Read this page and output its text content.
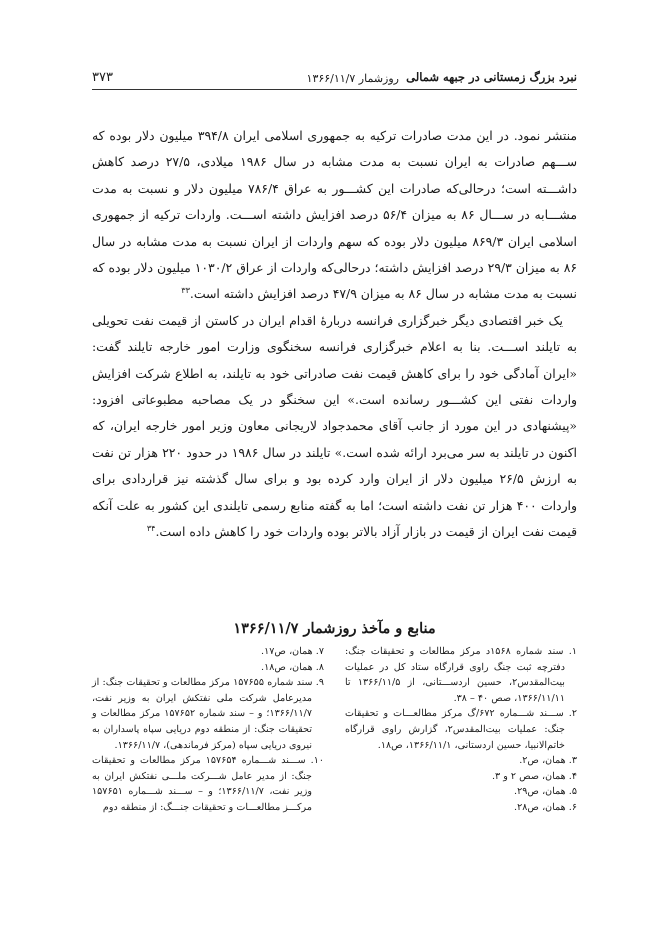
نبرد بزرگ زمستانی در جبهه شمالی
روزشمار ۱۳۶۶/۱۱/۷
۳۷۳

منتشر نمود. در این مدت صادرات ترکیه به جمهوری اسلامی ایران ۳۹۴/۸ میلیون دلار بوده که ســـهم صادرات به ایران نسبت به مدت مشابه در سال ۱۹۸۶ میلادی، ۲۷/۵ درصد کاهش داشـــته است؛ درحالی‌که صادرات این کشـــور به عراق ۷۸۶/۴ میلیون دلار و نسبت به مدت مشـــابه در ســـال ۸۶ به میزان ۵۶/۴ درصد افزایش داشته اســـت. واردات ترکیه از جمهوری اسلامی ایران ۸۶۹/۳ میلیون دلار بوده که سهم واردات از ایران نسبت به مدت مشابه در سال ۸۶ به میزان ۲۹/۳ درصد افزایش داشته؛ درحالی‌که واردات از عراق ۱۰۳۰/۲ میلیون دلار بوده که نسبت به مدت مشابه در سال ۸۶ به میزان ۴۷/۹ درصد افزایش داشته است.$^{۳۳}$

یک خبر اقتصادی دیگر خبرگزاری فرانسه دربارهٔ اقدام ایران در کاستن از قیمت نفت تحویلی به تایلند اســـت. بنا به اعلام خبرگزاری فرانسه سخنگوی وزارت امور خارجه تایلند گفت: «ایران آمادگی خود را برای کاهش قیمت نفت صادراتی خود به تایلند، به اطلاع شرکت افزایش واردات نفتی این کشـــور رسانده است.» این سخنگو در یک مصاحبه مطبوعاتی افزود: «پیشنهادی در این مورد از جانب آقای محمدجواد لاریجانی معاون وزیر امور خارجه ایران، که اکنون در تایلند به سر می‌برد ارائه شده است.» تایلند در سال ۱۹۸۶ در حدود ۲۲۰ هزار تن نفت به ارزش ۲۶/۵ میلیون دلار از ایران وارد کرده بود و برای سال گذشته نیز قراردادی برای واردات ۴۰۰ هزار تن نفت داشته است؛ اما به گفته منابع رسمی تایلندی این کشور به علت آنکه قیمت نفت ایران از قیمت در بازار آزاد بالاتر بوده واردات خود را کاهش داده است.$^{۳۴}$

منابع و مآخذ روزشمار ۱۳۶۶/۱۱/۷

۱. سند شماره ۱۵۶۸د مرکز مطالعات و تحقیقات جنگ: دفترچه ثبت جنگ راوی قرارگاه ستاد کل در عملیات بیت‌المقدس۲، حسین اردســـتانی، از ۱۳۶۶/۱۱/۵ تا ۱۳۶۶/۱۱/۱۱، صص ۴۰ – ۳۸.

۲. ســـند شـــماره ۶۷۲/گ مرکز مطالعـــات و تحقیقات جنگ: عملیات بیت‌المقدس۲، گزارش راوی قرارگاه خاتم‌الانبیا، حسین اردستانی، ۱۳۶۶/۱۱/۱، ص۱۸.

۳. همان، ص۲.

۴. همان، صص ۲ و ۳.

۵. همان، ص۲۹.

۶. همان، ص۲۸.

۷. همان، ص۱۷.

۸. همان، ص۱۸.

۹. سند شماره ۱۵۷۶۵۵ مرکز مطالعات و تحقیقات جنگ: از مدیرعامل شرکت ملی نفتکش ایران به وزیر نفت، ۱۳۶۶/۱۱/۷؛ و – سند شماره ۱۵۷۶۵۲ مرکز مطالعات و تحقیقات جنگ: از منطقه دوم دریایی سپاه پاسداران به نیروی دریایی سپاه (مرکز فرماندهی)، ۱۳۶۶/۱۱/۷.

۱۰. ســـند شـــماره ۱۵۷۶۵۴ مرکز مطالعات و تحقیقات جنگ: از مدیر عامل شـــرکت ملـــی نفتکش ایران به وزیر نفت، ۱۳۶۶/۱۱/۷؛ و – ســـند شـــماره ۱۵۷۶۵۱ مرکـــز مطالعـــات و تحقیقات جنـــگ: از منطقه دوم
